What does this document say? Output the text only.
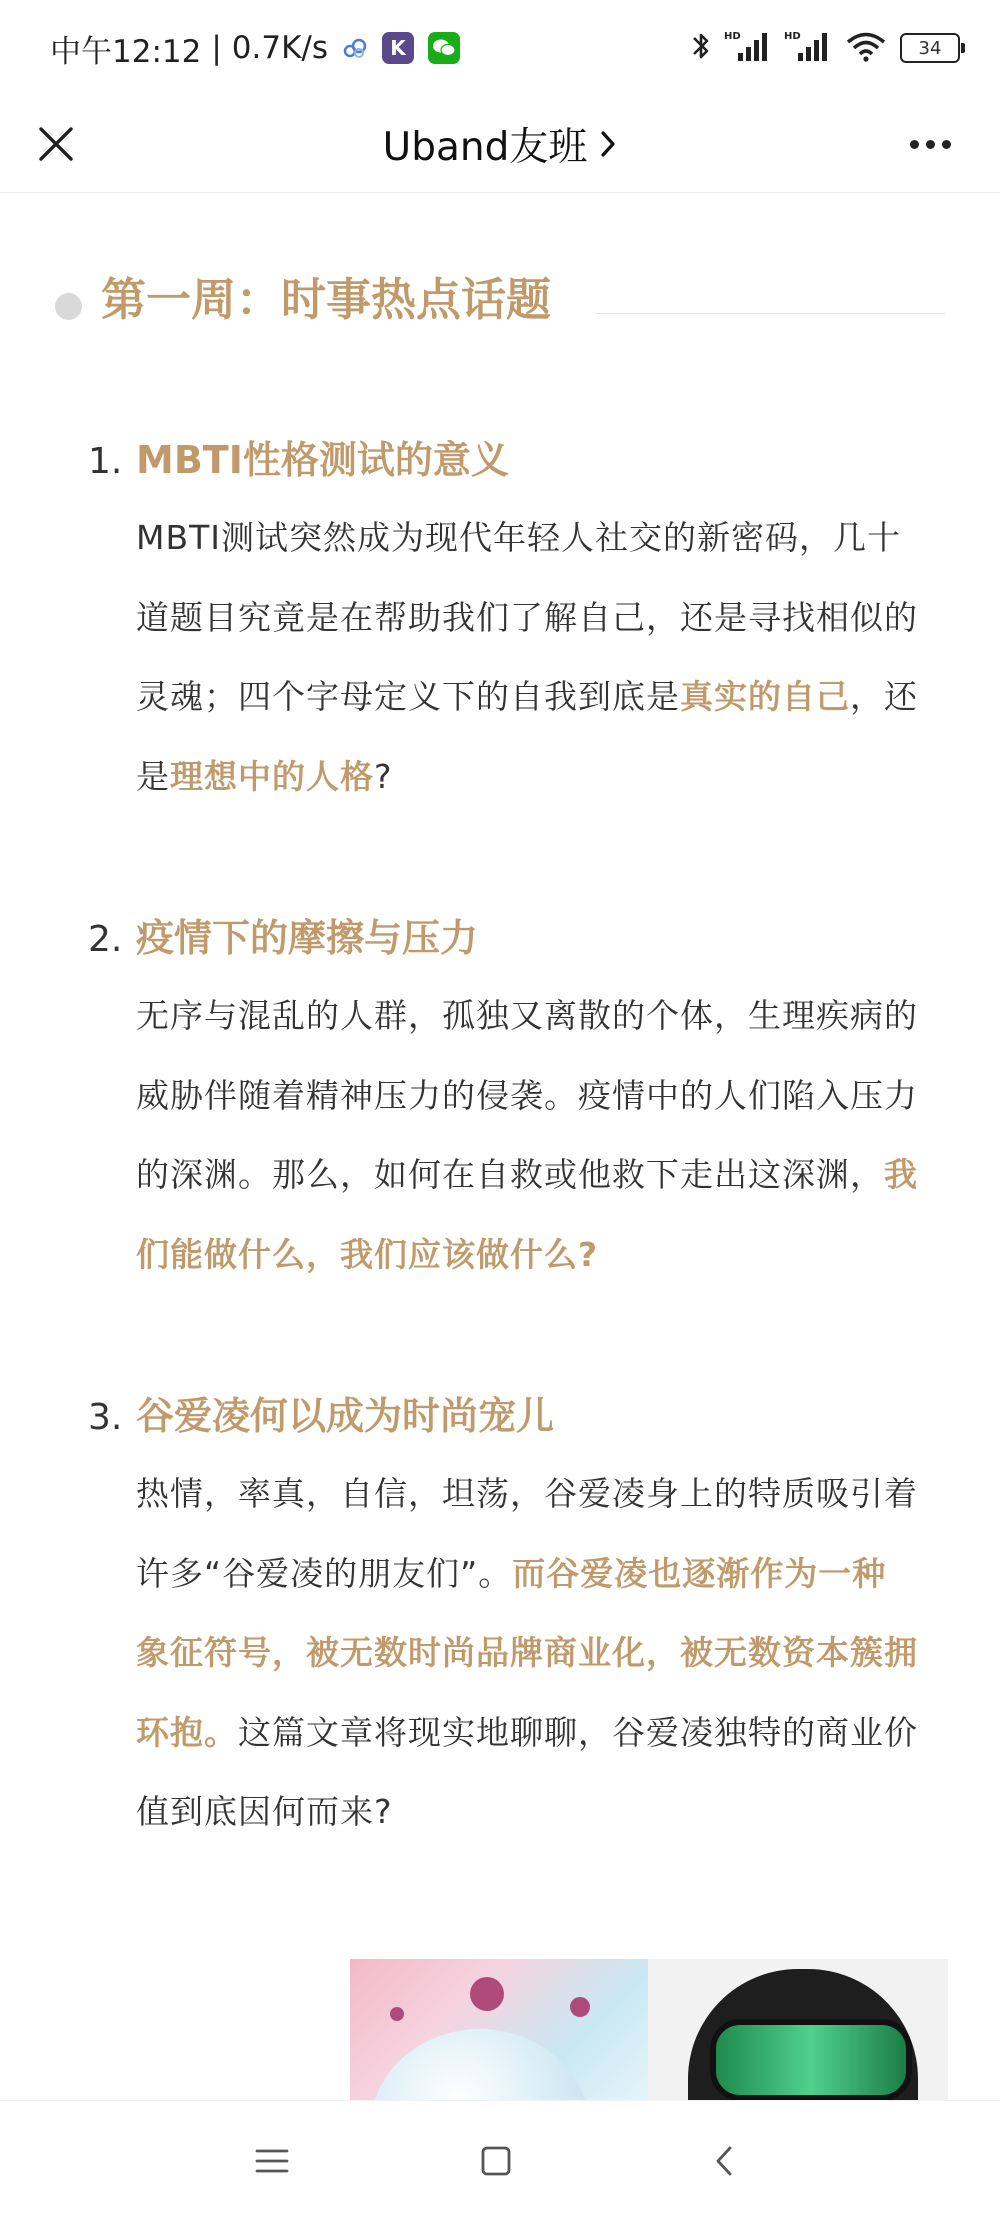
中午12:12 | 0.7K/s	K	HD	HD
34
Uband友班
第一周：时事热点话题
1. MBTI性格测试的意义
MBTI测试突然成为现代年轻人社交的新密码，几十道题目究竟是在帮助我们了解自己，还是寻找相似的灵魂；四个字母定义下的自我到底是真实的自己，还是理想中的人格?
2. 疫情下的摩擦与压力
无序与混乱的人群，孤独又离散的个体，生理疾病的威胁伴随着精神压力的侵袭。疫情中的人们陷入压力的深渊。那么，如何在自救或他救下走出这深渊，我们能做什么，我们应该做什么?
3. 谷爱凌何以成为时尚宠儿
热情，率真，自信，坦荡，谷爱凌身上的特质吸引着许多“谷爱凌的朋友们”。而谷爱凌也逐渐作为一种象征符号，被无数时尚品牌商业化，被无数资本簇拥环抱。这篇文章将现实地聊聊，谷爱凌独特的商业价值到底因何而来?
